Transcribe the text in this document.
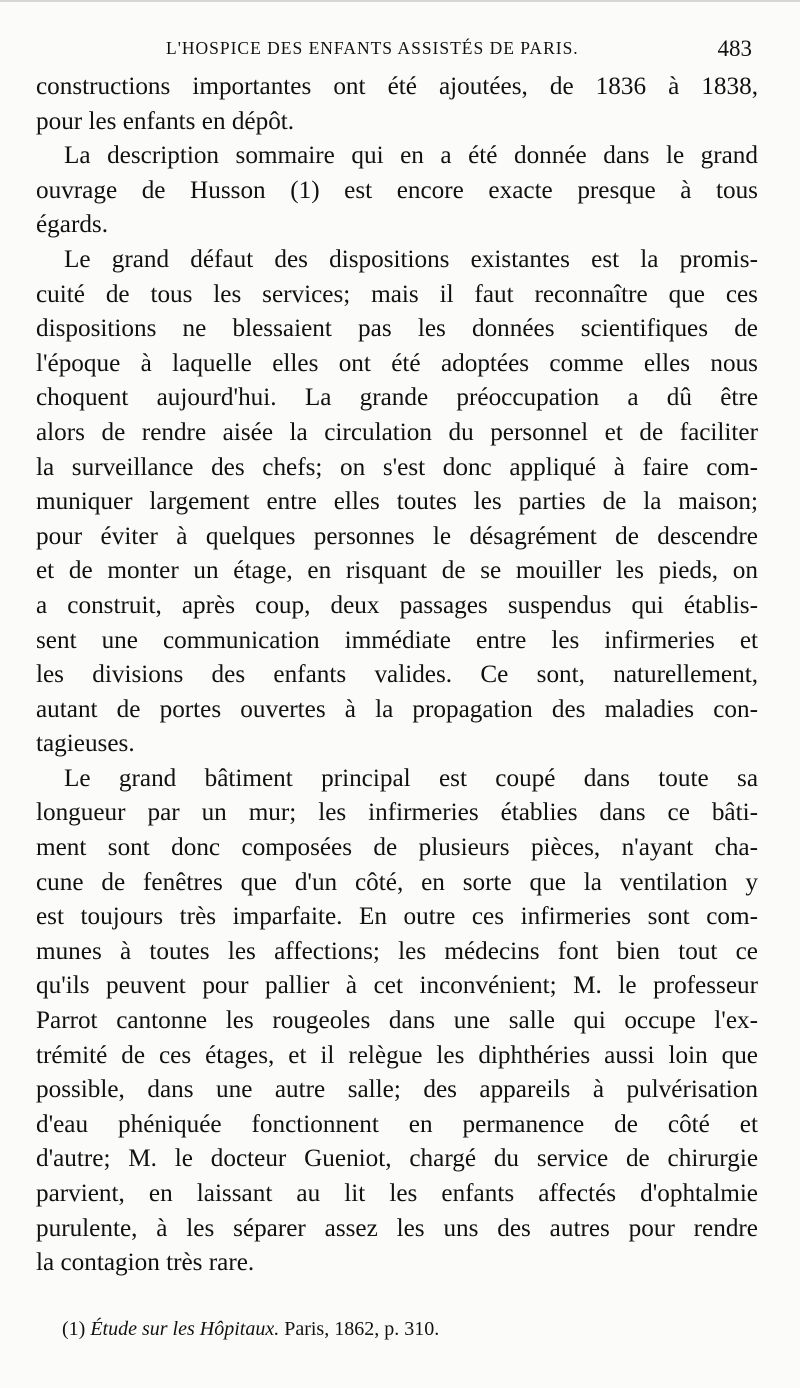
L'HOSPICE DES ENFANTS ASSISTÉS DE PARIS.	483
constructions importantes ont été ajoutées, de 1836 à 1838,
pour les enfants en dépôt.
La description sommaire qui en a été donnée dans le grand
ouvrage de Husson (1) est encore exacte presque à tous
égards.
Le grand défaut des dispositions existantes est la promis-
cuité de tous les services; mais il faut reconnaître que ces
dispositions ne blessaient pas les données scientifiques de
l'époque à laquelle elles ont été adoptées comme elles nous
choquent aujourd'hui. La grande préoccupation a dû être
alors de rendre aisée la circulation du personnel et de faciliter
la surveillance des chefs; on s'est donc appliqué à faire com-
muniquer largement entre elles toutes les parties de la maison;
pour éviter à quelques personnes le désagrément de descendre
et de monter un étage, en risquant de se mouiller les pieds, on
a construit, après coup, deux passages suspendus qui établis-
sent une communication immédiate entre les infirmeries et
les divisions des enfants valides. Ce sont, naturellement,
autant de portes ouvertes à la propagation des maladies con-
tagieuses.
Le grand bâtiment principal est coupé dans toute sa
longueur par un mur; les infirmeries établies dans ce bâti-
ment sont donc composées de plusieurs pièces, n'ayant cha-
cune de fenêtres que d'un côté, en sorte que la ventilation y
est toujours très imparfaite. En outre ces infirmeries sont com-
munes à toutes les affections; les médecins font bien tout ce
qu'ils peuvent pour pallier à cet inconvénient; M. le professeur
Parrot cantonne les rougeoles dans une salle qui occupe l'ex-
trémité de ces étages, et il relègue les diphthéries aussi loin que
possible, dans une autre salle; des appareils à pulvérisation
d'eau phéniquée fonctionnent en permanence de côté et
d'autre; M. le docteur Gueniot, chargé du service de chirurgie
parvient, en laissant au lit les enfants affectés d'ophtalmie
purulente, à les séparer assez les uns des autres pour rendre
la contagion très rare.
(1) Étude sur les Hôpitaux. Paris, 1862, p. 310.
